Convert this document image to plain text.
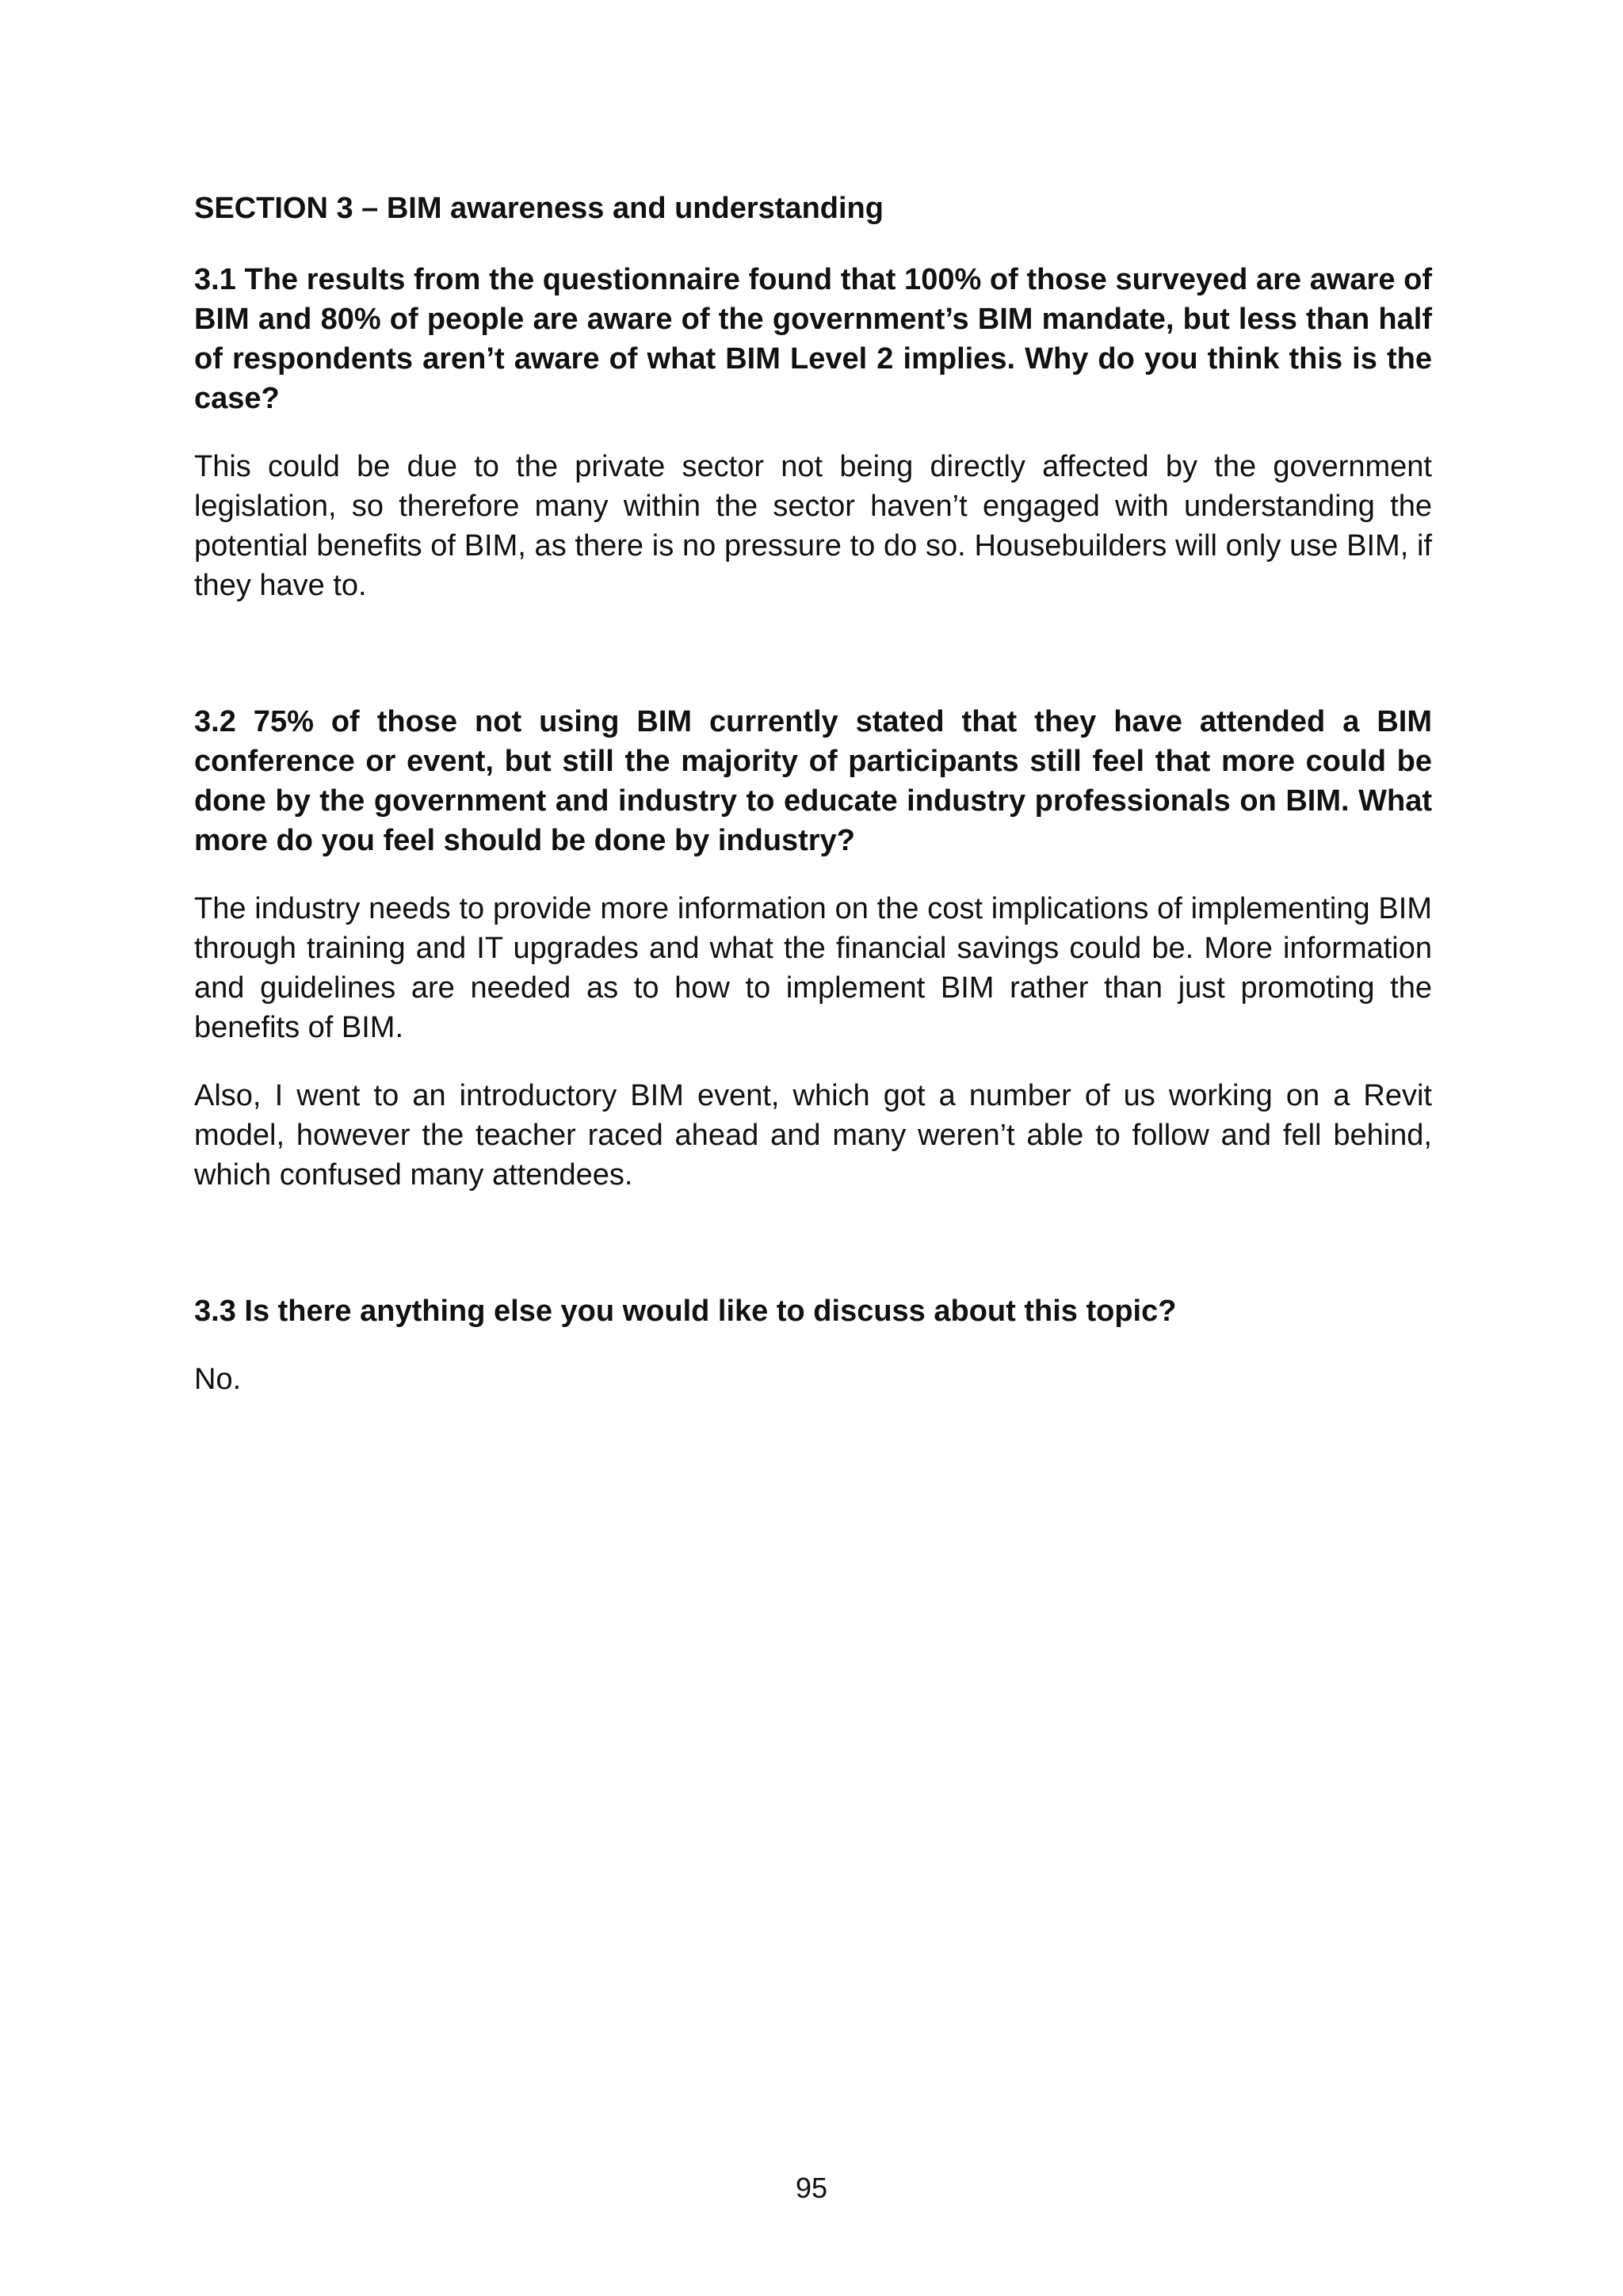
SECTION 3 – BIM awareness and understanding

3.1 The results from the questionnaire found that 100% of those surveyed are aware of BIM and 80% of people are aware of the government’s BIM mandate, but less than half of respondents aren’t aware of what BIM Level 2 implies. Why do you think this is the case?

This could be due to the private sector not being directly affected by the government legislation, so therefore many within the sector haven’t engaged with understanding the potential benefits of BIM, as there is no pressure to do so. Housebuilders will only use BIM, if they have to.

3.2 75% of those not using BIM currently stated that they have attended a BIM conference or event, but still the majority of participants still feel that more could be done by the government and industry to educate industry professionals on BIM. What more do you feel should be done by industry?

The industry needs to provide more information on the cost implications of implementing BIM through training and IT upgrades and what the financial savings could be. More information and guidelines are needed as to how to implement BIM rather than just promoting the benefits of BIM.

Also, I went to an introductory BIM event, which got a number of us working on a Revit model, however the teacher raced ahead and many weren’t able to follow and fell behind, which confused many attendees.

3.3 Is there anything else you would like to discuss about this topic?

No.

95
